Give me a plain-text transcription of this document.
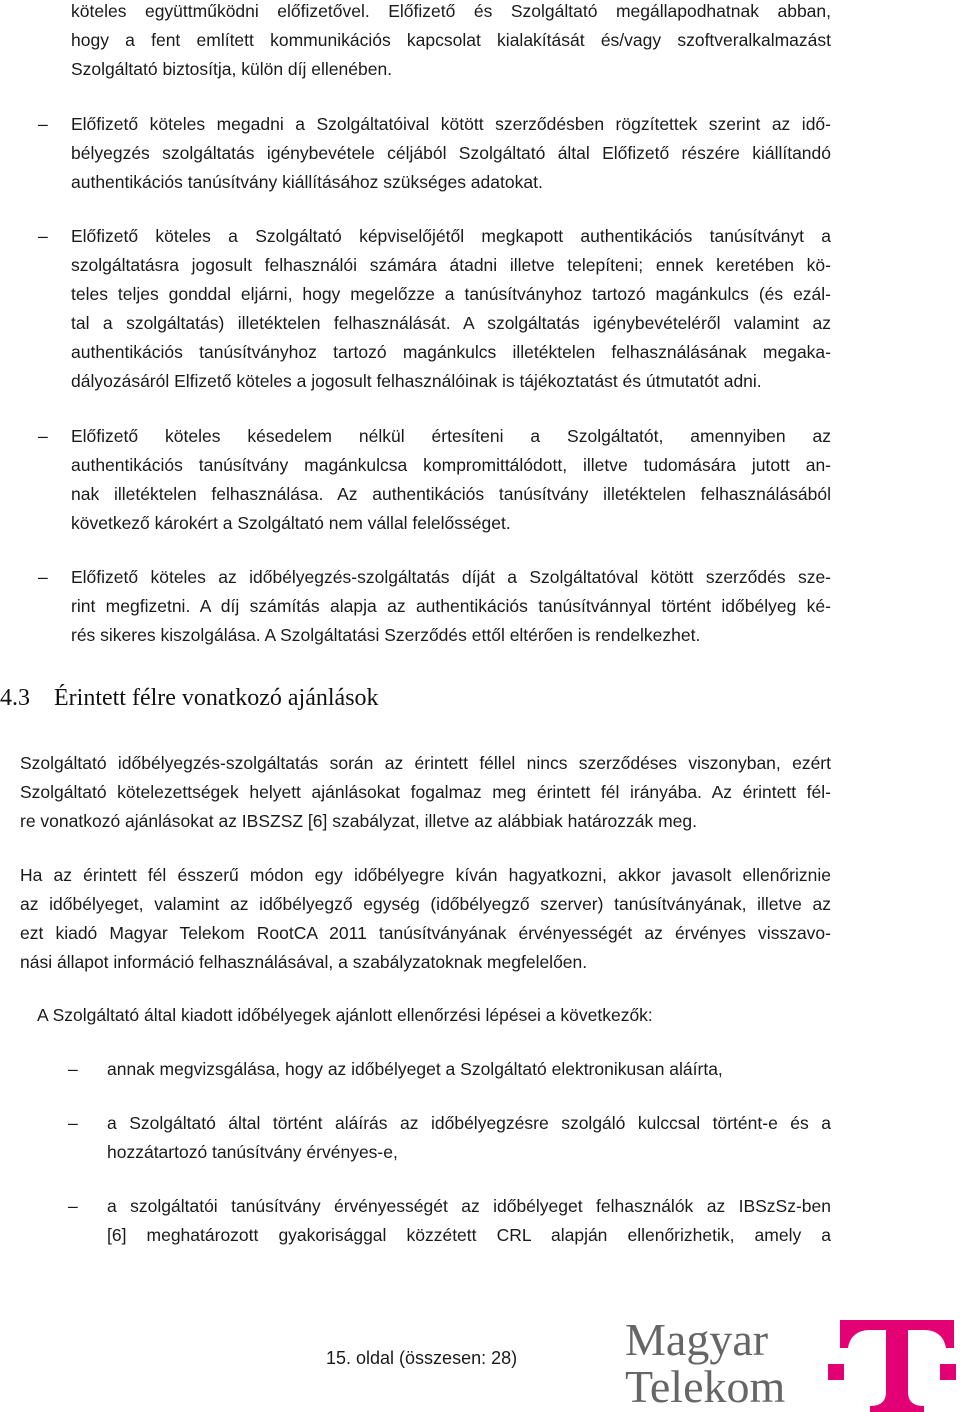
köteles együttműködni előfizetővel. Előfizető és Szolgáltató megállapodhatnak abban,
hogy a fent említett kommunikációs kapcsolat kialakítását és/vagy szoftveralkalmazást
Szolgáltató biztosítja, külön díj ellenében.
– Előfizető köteles megadni a Szolgáltatóival kötött szerződésben rögzítettek szerint az idő-
bélyegzés szolgáltatás igénybevétele céljából Szolgáltató által Előfizető részére kiállítandó
authentikációs tanúsítvány kiállításához szükséges adatokat.
– Előfizető köteles a Szolgáltató képviselőjétől megkapott authentikációs tanúsítványt a
szolgáltatásra jogosult felhasználói számára átadni illetve telepíteni; ennek keretében kö-
teles teljes gonddal eljárni, hogy megelőzze a tanúsítványhoz tartozó magánkulcs (és ezál-
tal a szolgáltatás) illetéktelen felhasználását. A szolgáltatás igénybevételéről valamint az
authentikációs tanúsítványhoz tartozó magánkulcs illetéktelen felhasználásának megaka-
dályozásáról Elfizető köteles a jogosult felhasználóinak is tájékoztatást és útmutatót adni.
– Előfizető köteles késedelem nélkül értesíteni a Szolgáltatót, amennyiben az
authentikációs tanúsítvány magánkulcsa kompromittálódott, illetve tudomására jutott an-
nak illetéktelen felhasználása. Az authentikációs tanúsítvány illetéktelen felhasználásából
következő károkért a Szolgáltató nem vállal felelősséget.
– Előfizető köteles az időbélyegzés-szolgáltatás díját a Szolgáltatóval kötött szerződés sze-
rint megfizetni. A díj számítás alapja az authentikációs tanúsítvánnyal történt időbélyeg ké-
rés sikeres kiszolgálása. A Szolgáltatási Szerződés ettől eltérően is rendelkezhet.
4.3 Érintett félre vonatkozó ajánlások
Szolgáltató időbélyegzés-szolgáltatás során az érintett féllel nincs szerződéses viszonyban, ezért
Szolgáltató kötelezettségek helyett ajánlásokat fogalmaz meg érintett fél irányába. Az érintett fél-
re vonatkozó ajánlásokat az IBSZSZ [6] szabályzat, illetve az alábbiak határozzák meg.
Ha az érintett fél ésszerű módon egy időbélyegre kíván hagyatkozni, akkor javasolt ellenőriznie
az időbélyeget, valamint az időbélyegző egység (időbélyegző szerver) tanúsítványának, illetve az
ezt kiadó Magyar Telekom RootCA 2011 tanúsítványának érvényességét az érvényes visszavo-
nási állapot információ felhasználásával, a szabályzatoknak megfelelően.
A Szolgáltató által kiadott időbélyegek ajánlott ellenőrzési lépései a következők:
– annak megvizsgálása, hogy az időbélyeget a Szolgáltató elektronikusan aláírta,
– a Szolgáltató által történt aláírás az időbélyegzésre szolgáló kulccsal történt-e és a
hozzátartozó tanúsítvány érvényes-e,
– a szolgáltatói tanúsítvány érvényességét az időbélyeget felhasználók az IBSzSz-ben
[6] meghatározott gyakorisággal közzétett CRL alapján ellenőrizhetik, amely a
15. oldal (összesen: 28) Magyar
Telekom
